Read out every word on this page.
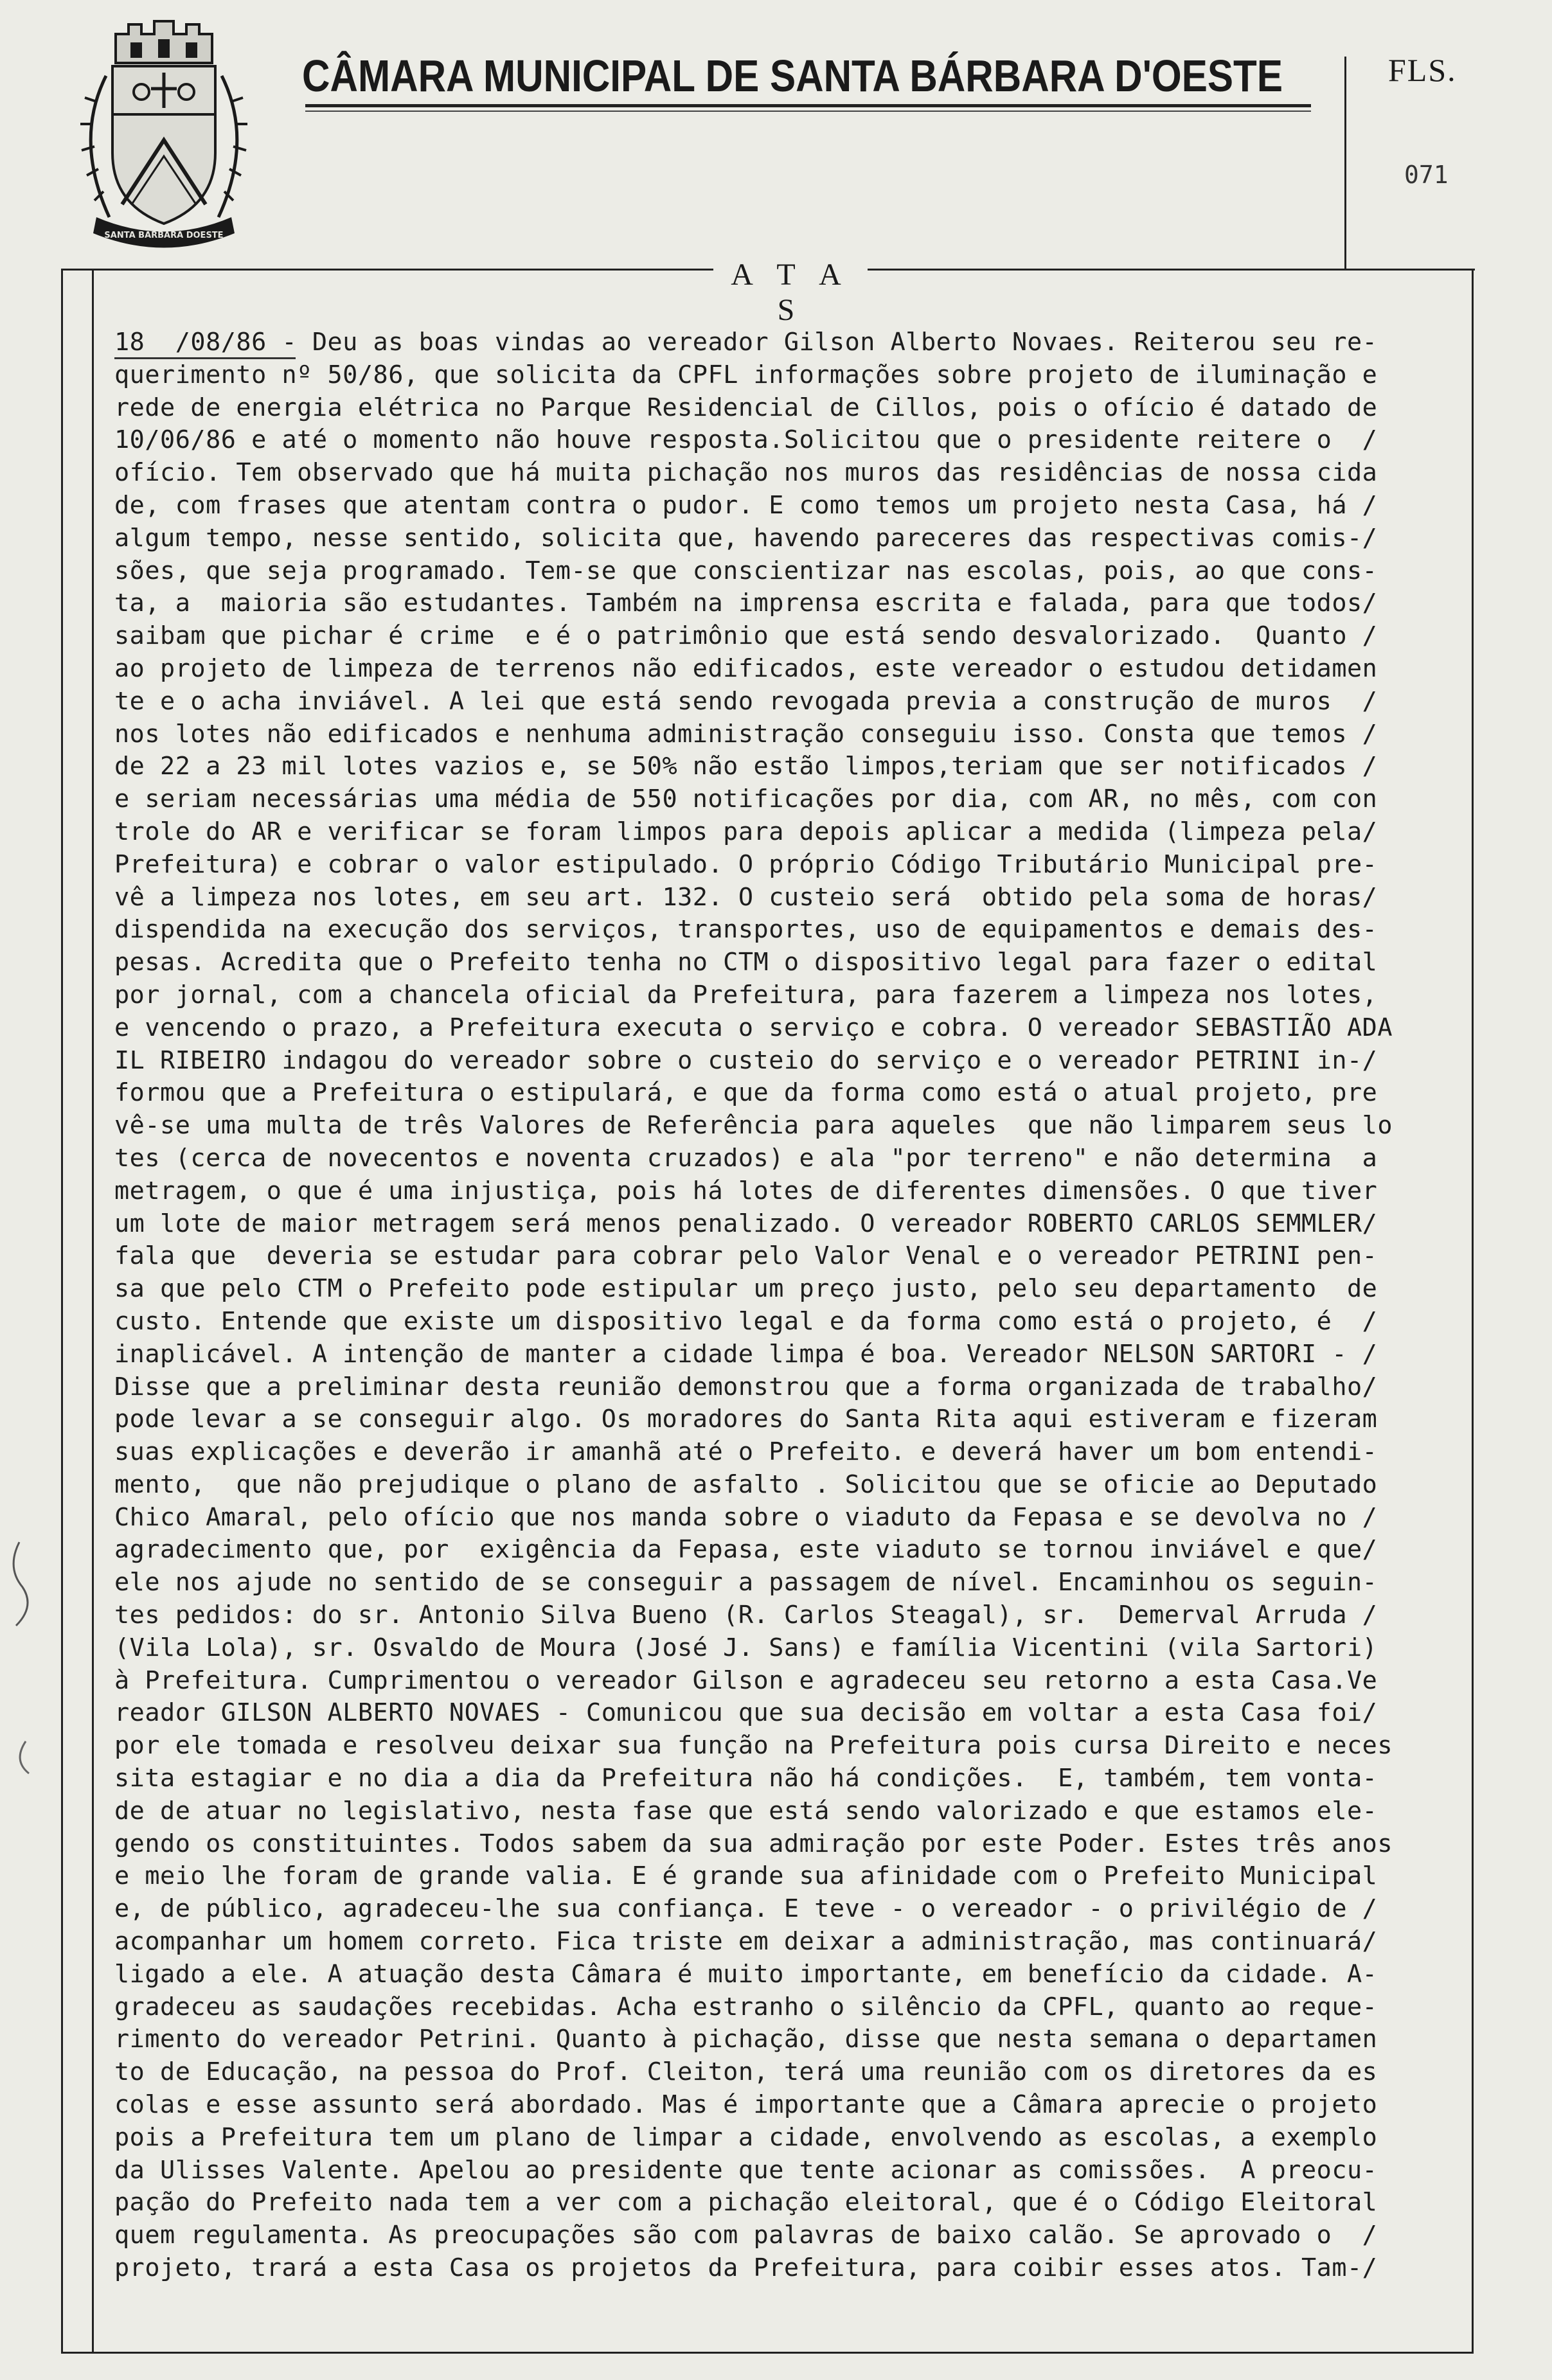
SANTA BARBARA DOESTE
CÂMARA MUNICIPAL DE SANTA BÁRBARA D'OESTE	FLS.
071
A T A S
18  /08/86 - Deu as boas vindas ao vereador Gilson Alberto Novaes. Reiterou seu re-
querimento nº 50/86, que solicita da CPFL informações sobre projeto de iluminação e
rede de energia elétrica no Parque Residencial de Cillos, pois o ofício é datado de
10/06/86 e até o momento não houve resposta.Solicitou que o presidente reitere o  /
ofício. Tem observado que há muita pichação nos muros das residências de nossa cida
de, com frases que atentam contra o pudor. E como temos um projeto nesta Casa, há /
algum tempo, nesse sentido, solicita que, havendo pareceres das respectivas comis-/
sões, que seja programado. Tem-se que conscientizar nas escolas, pois, ao que cons-
ta, a  maioria são estudantes. Também na imprensa escrita e falada, para que todos/
saibam que pichar é crime  e é o patrimônio que está sendo desvalorizado.  Quanto /
ao projeto de limpeza de terrenos não edificados, este vereador o estudou detidamen
te e o acha inviável. A lei que está sendo revogada previa a construção de muros  /
nos lotes não edificados e nenhuma administração conseguiu isso. Consta que temos /
de 22 a 23 mil lotes vazios e, se 50% não estão limpos,teriam que ser notificados /
e seriam necessárias uma média de 550 notificações por dia, com AR, no mês, com con
trole do AR e verificar se foram limpos para depois aplicar a medida (limpeza pela/
Prefeitura) e cobrar o valor estipulado. O próprio Código Tributário Municipal pre-
vê a limpeza nos lotes, em seu art. 132. O custeio será  obtido pela soma de horas/
dispendida na execução dos serviços, transportes, uso de equipamentos e demais des-
pesas. Acredita que o Prefeito tenha no CTM o dispositivo legal para fazer o edital
por jornal, com a chancela oficial da Prefeitura, para fazerem a limpeza nos lotes,
e vencendo o prazo, a Prefeitura executa o serviço e cobra. O vereador SEBASTIÃO ADA
IL RIBEIRO indagou do vereador sobre o custeio do serviço e o vereador PETRINI in-/
formou que a Prefeitura o estipulará, e que da forma como está o atual projeto, pre
vê-se uma multa de três Valores de Referência para aqueles  que não limparem seus lo
tes (cerca de novecentos e noventa cruzados) e ala "por terreno" e não determina  a
metragem, o que é uma injustiça, pois há lotes de diferentes dimensões. O que tiver
um lote de maior metragem será menos penalizado. O vereador ROBERTO CARLOS SEMMLER/
fala que  deveria se estudar para cobrar pelo Valor Venal e o vereador PETRINI pen-
sa que pelo CTM o Prefeito pode estipular um preço justo, pelo seu departamento  de
custo. Entende que existe um dispositivo legal e da forma como está o projeto, é  /
inaplicável. A intenção de manter a cidade limpa é boa. Vereador NELSON SARTORI - /
Disse que a preliminar desta reunião demonstrou que a forma organizada de trabalho/
pode levar a se conseguir algo. Os moradores do Santa Rita aqui estiveram e fizeram
suas explicações e deverão ir amanhã até o Prefeito. e deverá haver um bom entendi-
mento,  que não prejudique o plano de asfalto . Solicitou que se oficie ao Deputado
Chico Amaral, pelo ofício que nos manda sobre o viaduto da Fepasa e se devolva no /
agradecimento que, por  exigência da Fepasa, este viaduto se tornou inviável e que/
ele nos ajude no sentido de se conseguir a passagem de nível. Encaminhou os seguin-
tes pedidos: do sr. Antonio Silva Bueno (R. Carlos Steagal), sr.  Demerval Arruda /
(Vila Lola), sr. Osvaldo de Moura (José J. Sans) e família Vicentini (vila Sartori)
à Prefeitura. Cumprimentou o vereador Gilson e agradeceu seu retorno a esta Casa.Ve
reador GILSON ALBERTO NOVAES - Comunicou que sua decisão em voltar a esta Casa foi/
por ele tomada e resolveu deixar sua função na Prefeitura pois cursa Direito e neces
sita estagiar e no dia a dia da Prefeitura não há condições.  E, também, tem vonta-
de de atuar no legislativo, nesta fase que está sendo valorizado e que estamos ele-
gendo os constituintes. Todos sabem da sua admiração por este Poder. Estes três anos
e meio lhe foram de grande valia. E é grande sua afinidade com o Prefeito Municipal
e, de público, agradeceu-lhe sua confiança. E teve - o vereador - o privilégio de /
acompanhar um homem correto. Fica triste em deixar a administração, mas continuará/
ligado a ele. A atuação desta Câmara é muito importante, em benefício da cidade. A-
gradeceu as saudações recebidas. Acha estranho o silêncio da CPFL, quanto ao reque-
rimento do vereador Petrini. Quanto à pichação, disse que nesta semana o departamen
to de Educação, na pessoa do Prof. Cleiton, terá uma reunião com os diretores da es
colas e esse assunto será abordado. Mas é importante que a Câmara aprecie o projeto
pois a Prefeitura tem um plano de limpar a cidade, envolvendo as escolas, a exemplo
da Ulisses Valente. Apelou ao presidente que tente acionar as comissões.  A preocu-
pação do Prefeito nada tem a ver com a pichação eleitoral, que é o Código Eleitoral
quem regulamenta. As preocupações são com palavras de baixo calão. Se aprovado o  /
projeto, trará a esta Casa os projetos da Prefeitura, para coibir esses atos. Tam-/
